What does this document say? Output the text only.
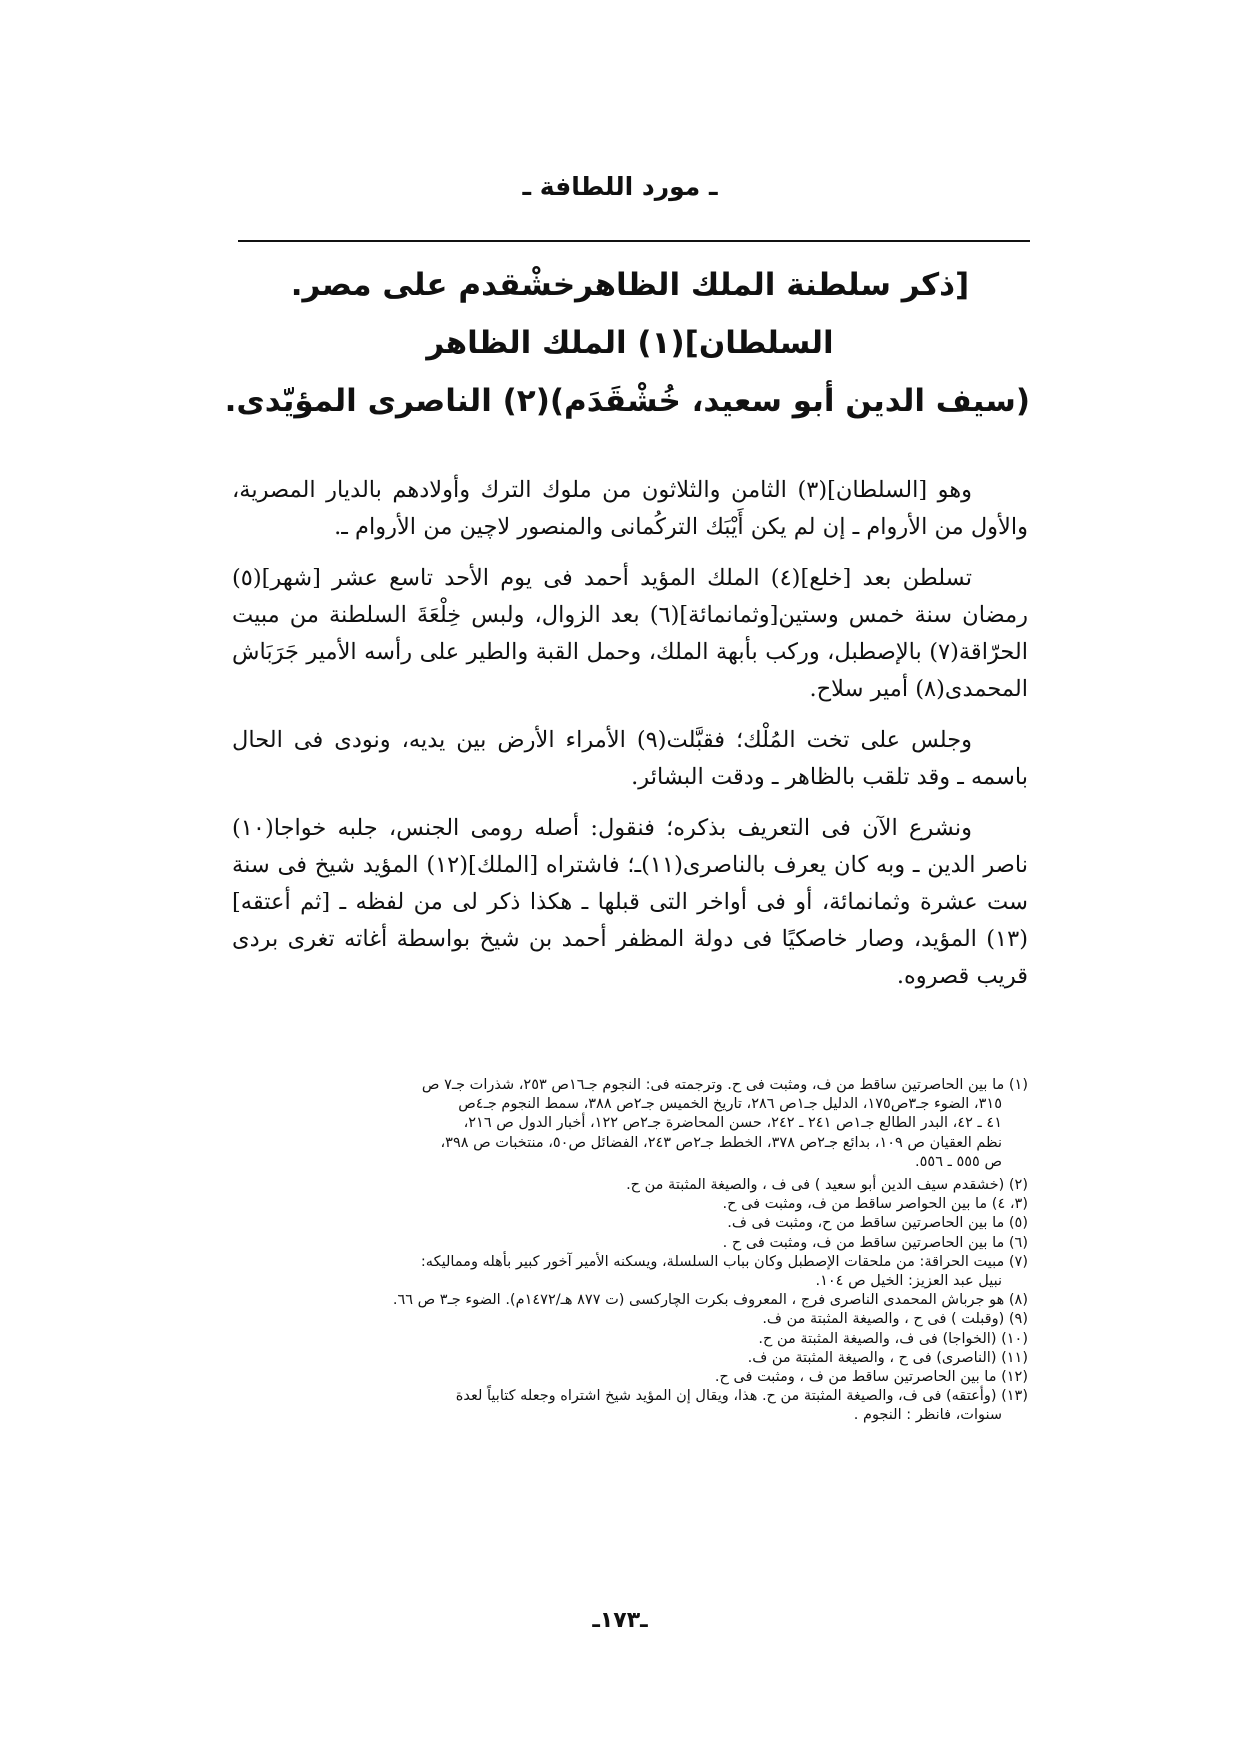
ـ مورد اللطافة ـ
[ذكر سلطنة الملك الظاهرخشْقدم على مصر.
السلطان](١) الملك الظاهر
(سيف الدين أبو سعيد، خُشْقَدَم)(٢) الناصرى المؤيّدى.

وهو [السلطان](٣) الثامن والثلاثون من ملوك الترك وأولادهم بالديار المصرية، والأول من الأروام ـ إن لم يكن أَيْبَك التركُمانى والمنصور لاچين من الأروام ـ.

تسلطن بعد [خلع](٤) الملك المؤيد أحمد فى يوم الأحد تاسع عشر [شهر](٥) رمضان سنة خمس وستين[وثمانمائة](٦) بعد الزوال، ولبس خِلْعَةَ السلطنة من مبيت الحرّاقة(٧) بالإصطبل، وركب بأبهة الملك، وحمل القبة والطير على رأسه الأمير جَرَبَاش المحمدى(٨) أمير سلاح.

وجلس على تخت المُلْك؛ فقبَّلت(٩) الأمراء الأرض بين يديه، ونودى فى الحال باسمه ـ وقد تلقب بالظاهر ـ ودقت البشائر.

ونشرع الآن فى التعريف بذكره؛ فنقول: أصله رومى الجنس، جلبه خواجا(١٠) ناصر الدين ـ وبه كان يعرف بالناصرى(١١)ـ؛ فاشتراه [الملك](١٢) المؤيد شيخ فى سنة ست عشرة وثمانمائة، أو فى أواخر التى قبلها ـ هكذا ذكر لى من لفظه ـ [ثم أعتقه](١٣) المؤيد، وصار خاصكيًا فى دولة المظفر أحمد بن شيخ بواسطة أغاته تغرى بردى قريب قصروه.

(١) ما بين الحاصرتين ساقط من ف، ومثبت فى ح. وترجمته فى: النجوم جـ١٦ص ٢٥٣، شذرات جـ٧ ص
٣١٥، الضوء جـ٣ص١٧٥، الدليل جـ١ص ٢٨٦، تاريخ الخميس جـ٢ص ٣٨٨، سمط النجوم جـ٤ص
٤١ ـ ٤٢، البدر الطالع جـ١ص ٢٤١ ـ ٢٤٢، حسن المحاضرة جـ٢ص ١٢٢، أخبار الدول ص ٢١٦،
نظم العقيان ص ١٠٩، بدائع جـ٢ص ٣٧٨، الخطط جـ٢ص ٢٤٣، الفضائل ص٥٠، منتخبات ص ٣٩٨،
ص ٥٥٥ ـ ٥٥٦.
(٢) (خشقدم سيف الدين أبو سعيد ) فى ف ، والصيغة المثبتة من ح.
(٣، ٤) ما بين الحواصر ساقط من ف، ومثبت فى ح.
(٥) ما بين الحاصرتين ساقط من ح، ومثبت فى ف.
(٦) ما بين الحاصرتين ساقط من ف، ومثبت فى ح .
(٧) مبيت الحراقة: من ملحقات الإصطبل وكان بباب السلسلة، ويسكنه الأمير آخور كبير بأهله ومماليكه:
نبيل عبد العزيز: الخيل ص ١٠٤.
(٨) هو جرباش المحمدى الناصرى فرج ، المعروف بكرت الچاركسى (ت ٨٧٧ هـ/١٤٧٢م). الضوء جـ٣ ص ٦٦.
(٩) (وقبلت ) فى ح ، والصيغة المثبتة من ف.
(١٠) (الخواجا) فى ف، والصيغة المثبتة من ح.
(١١) (الناصرى) فى ح ، والصيغة المثبتة من ف.
(١٢) ما بين الحاصرتين ساقط من ف ، ومثبت فى ح.
(١٣) (وأعتقه) فى ف، والصيغة المثبتة من ح. هذا، ويقال إن المؤيد شيخ اشتراه وجعله كتابياً لعدة
سنوات، فانظر : النجوم .
ـ١٧٣ـ
